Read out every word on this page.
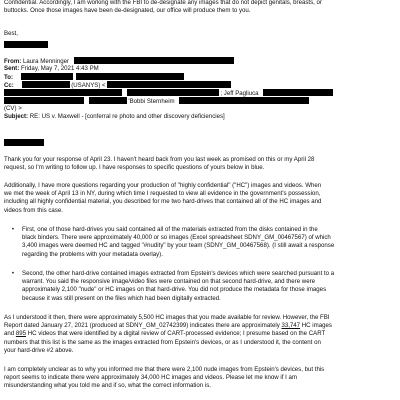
Confidential. Accordingly, I am working with the FBI to de-designate any images that do not depict genitals, breasts, or

buttocks. Once those images have been de-designated, our office will produce them to you.

Best,
From: Laura Menninger
Sent: Friday, May 7, 2021 4:43 PM
To:
Cc:	(USANYS) <
; Jeff Pagliuca
'Bobbi Sternheim
(CV) >
Subject: RE: US v. Maxwell - [conferral re photo and other discovery deficiencies]

Thank you for your response of April 23. I haven't heard back from you last week as promised on this or my April 28

request, so I'm writing to follow up. I have responses to specific questions of yours below in blue.

Additionally, I have more questions regarding your production of "highly confidential" ("HC") images and videos. When

we met the week of April 13 in NY, during which time I requested to view all evidence in the government's possession,

including all highly confidential material, you described for me two hard-drives that contained all of the HC images and

videos from this case.

•	First, one of those hard-drives you said contained all of the materials extracted from the disks contained in the

black binders. There were approximately 40,000 or so images (Excel spreadsheet SDNY_GM_00467567) of which

3,400 images were deemed HC and tagged "#nudity" by your team (SDNY_GM_00467568). (I still await a response

regarding the problems with your metadata overlay).

•	Second, the other hard-drive contained images extracted from Epstein's devices which were searched pursuant to a

warrant. You said the responsive image/video files were contained on that second hard-drive, and there were

approximately 2,100 "nude" or HC images on that hard-drive. You did not produce the metadata for those images

because it was still present on the files which had been digitally extracted.

As I understood it then, there were approximately 5,500 HC images that you made available for review. However, the FBI

Report dated January 27, 2021 (produced at SDNY_GM_02742399) indicates there are approximately 33,747 HC images

and 895 HC videos that were identified by a digital review of CART-processed evidence; I presume based on the CART

numbers that this list is the same as the images extracted from Epstein's devices, or as I understood it, the content on

your hard-drive #2 above.

I am completely unclear as to why you informed me that there were 2,100 nude images from Epstein's devices, but this

report seems to indicate there were approximately 34,000 HC images and videos. Please let me know if I am

misunderstanding what you told me and if so, what the correct information is.
